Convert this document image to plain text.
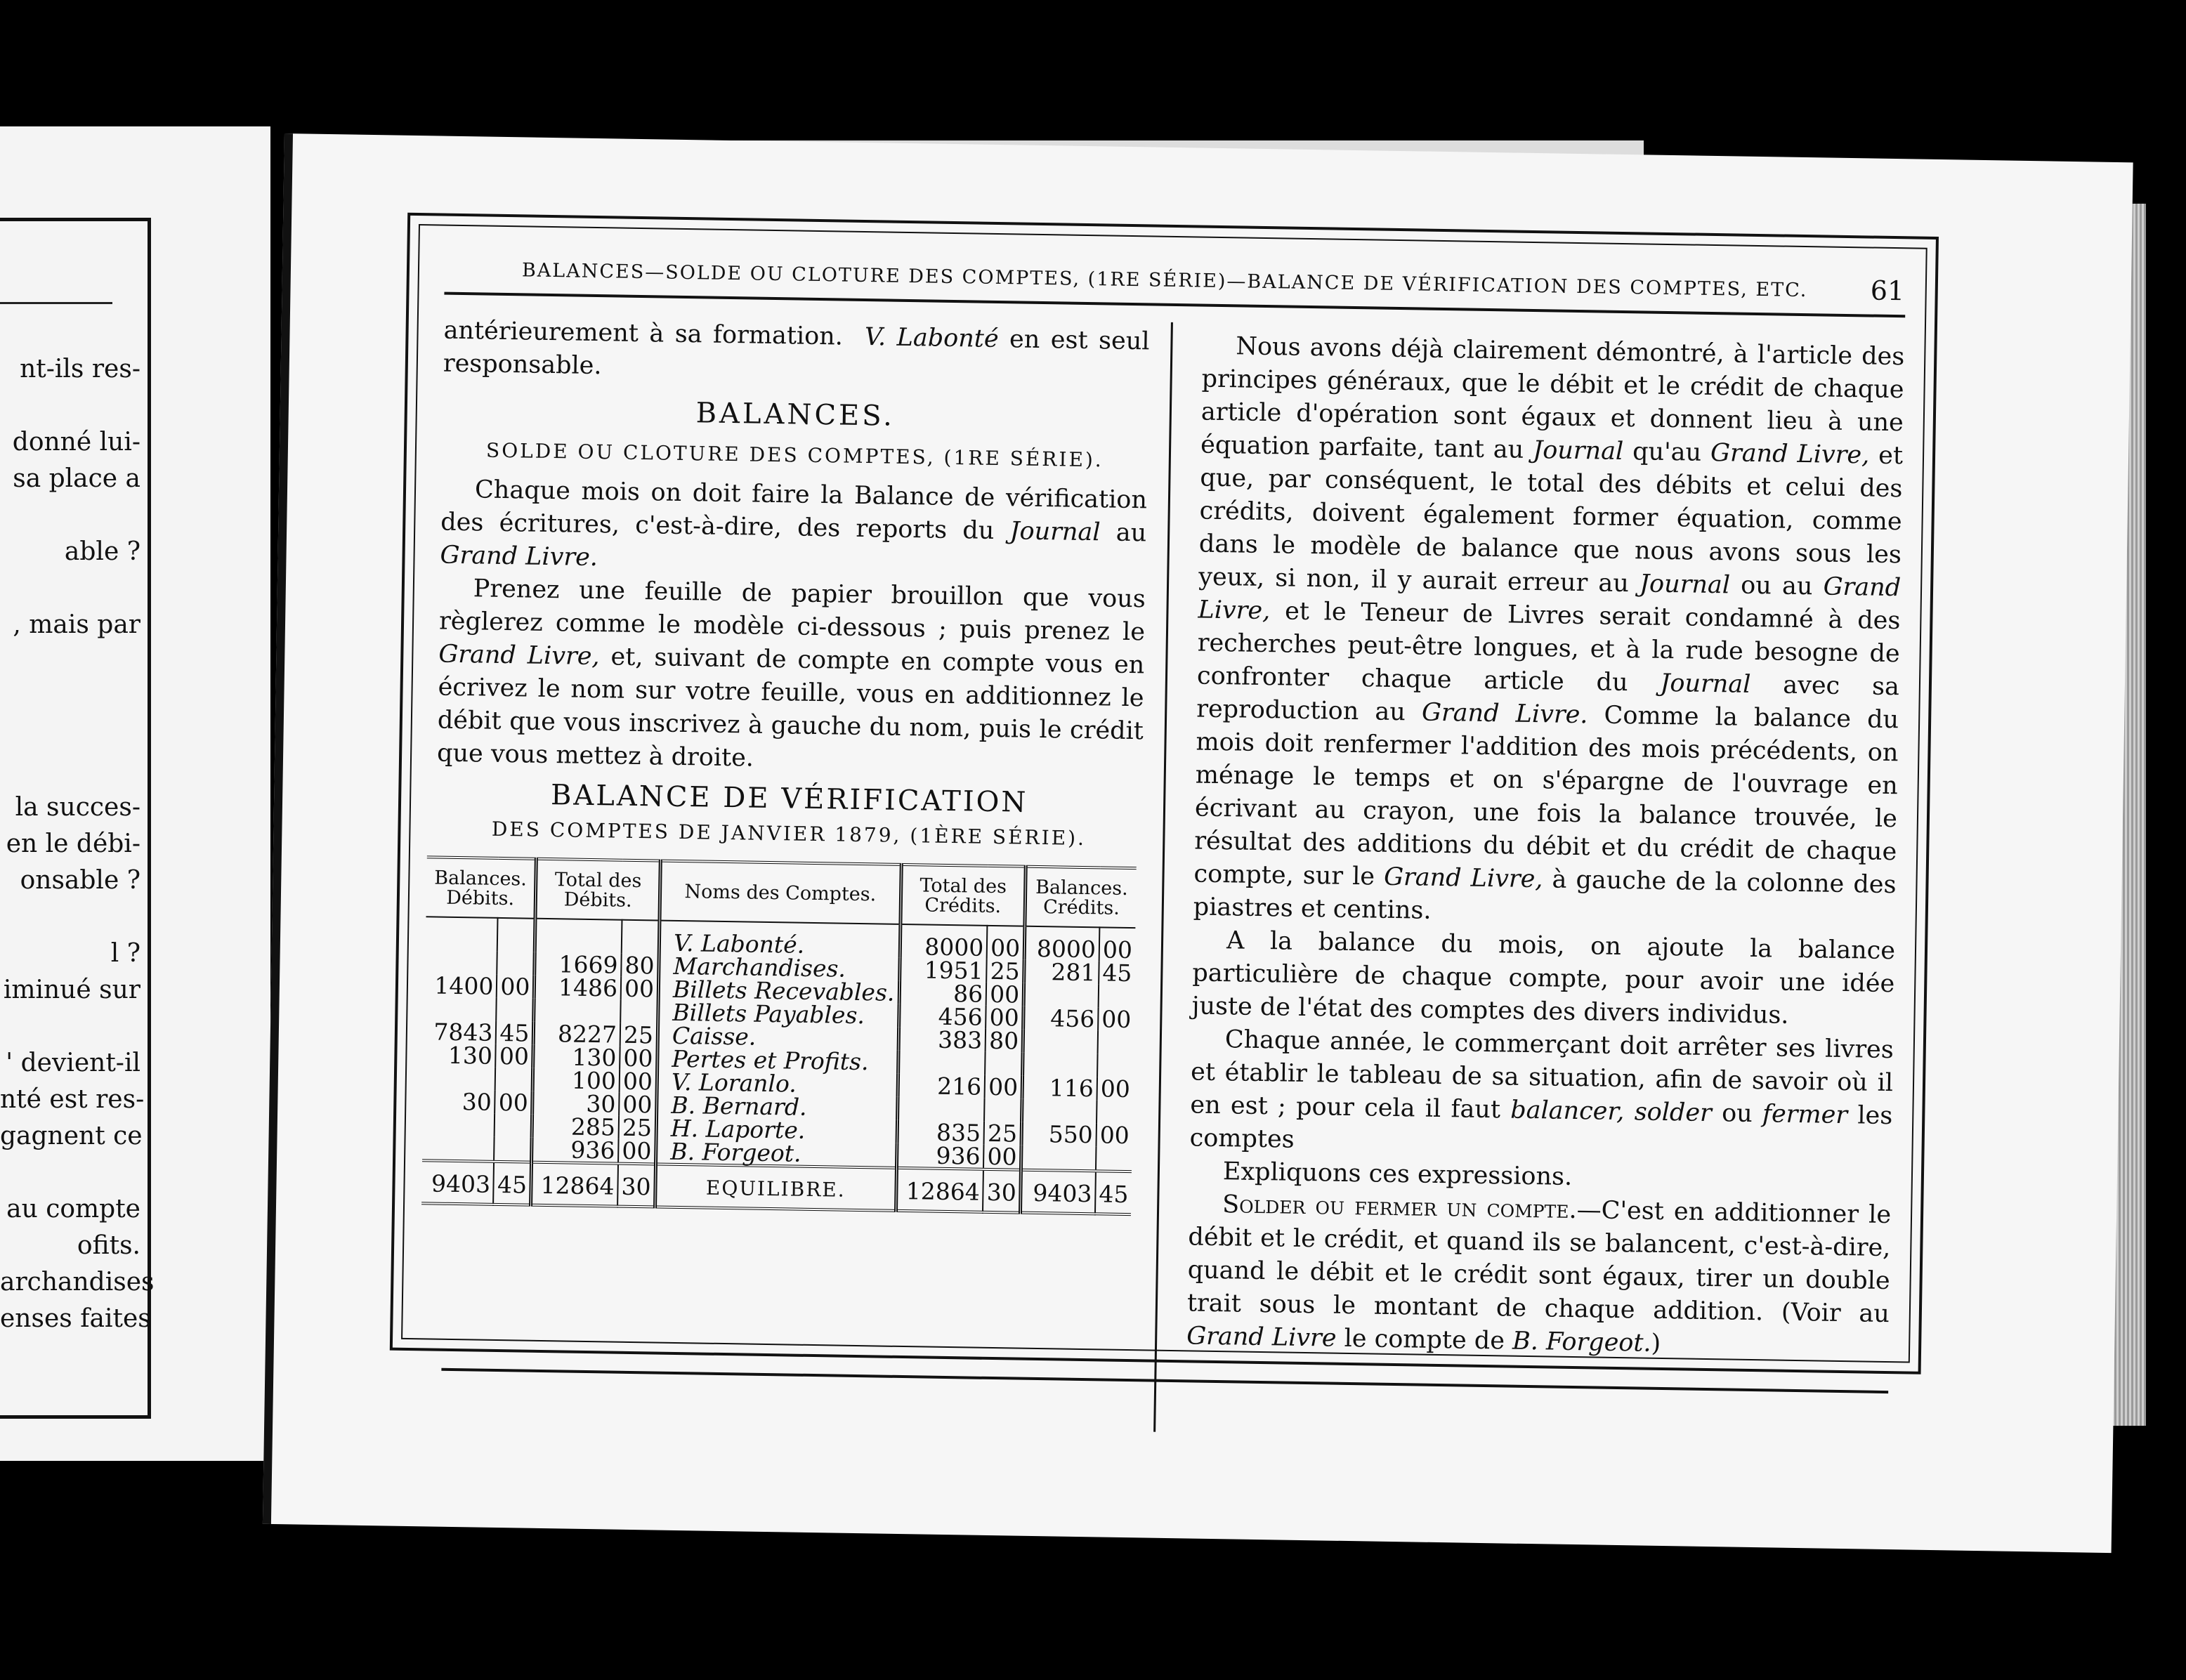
nt-ils res-
donné lui-
sa place a
able ?
, mais par
la succes-
en le débi-
onsable ?
l ?
iminué sur
' devient-il
nté est res-
gagnent ce
au compte
ofits.
archandises
enses faites
BALANCES—SOLDE OU CLOTURE DES COMPTES, (1RE SÉRIE)—BALANCE DE VÉRIFICATION DES COMPTES, ETC.	61

antérieurement à sa formation. V. Labonté en est seul responsable.

BALANCES.
SOLDE OU CLOTURE DES COMPTES, (1RE SÉRIE).

Chaque mois on doit faire la Balance de vérification des écritures, c'est-à-dire, des reports du Journal au Grand Livre.

Prenez une feuille de papier brouillon que vous règlerez comme le modèle ci-dessous ; puis prenez le Grand Livre, et, suivant de compte en compte vous en écrivez le nom sur votre feuille, vous en additionnez le débit que vous inscrivez à gauche du nom, puis le crédit que vous mettez à droite.

BALANCE DE VÉRIFICATION
DES COMPTES DE JANVIER 1879, (1ÈRE SÉRIE).
Balances. Débits.		Total des Débits.		Noms des Comptes.	Total des Crédits.		Balances. Crédits.	
				V. Labonté.	8000	00	8000	00
		1669	80	Marchandises.	1951	25	281	45
1400	00	1486	00	Billets Recevables.	86	00		
				Billets Payables.	456	00	456	00
7843	45	8227	25	Caisse.	383	80		
130	00	130	00	Pertes et Profits.				
		100	00	V. Loranlo.	216	00	116	00
30	00	30	00	B. Bernard.				
		285	25	H. Laporte.	835	25	550	00
		936	00	B. Forgeot.	936	00		
9403	45	12864	30	EQUILIBRE.	12864	30	9403	45

Nous avons déjà clairement démontré, à l'article des principes généraux, que le débit et le crédit de chaque article d'opération sont égaux et donnent lieu à une équation parfaite, tant au Journal qu'au Grand Livre, et que, par conséquent, le total des débits et celui des crédits, doivent également former équation, comme dans le modèle de balance que nous avons sous les yeux, si non, il y aurait erreur au Journal ou au Grand Livre, et le Teneur de Livres serait condamné à des recherches peut-être longues, et à la rude besogne de confronter chaque article du Journal avec sa reproduction au Grand Livre. Comme la balance du mois doit renfermer l'addition des mois précédents, on ménage le temps et on s'épargne de l'ouvrage en écrivant au crayon, une fois la balance trouvée, le résultat des additions du débit et du crédit de chaque compte, sur le Grand Livre, à gauche de la colonne des piastres et centins.

A la balance du mois, on ajoute la balance particulière de chaque compte, pour avoir une idée juste de l'état des comptes des divers individus.

Chaque année, le commerçant doit arrêter ses livres et établir le tableau de sa situation, afin de savoir où il en est ; pour cela il faut balancer, solder ou fermer les comptes

Expliquons ces expressions.

Solder ou fermer un compte.—C'est en additionner le débit et le crédit, et quand ils se balancent, c'est-à-dire, quand le débit et le crédit sont égaux, tirer un double trait sous le montant de chaque addition. (Voir au Grand Livre le compte de B. Forgeot.)
